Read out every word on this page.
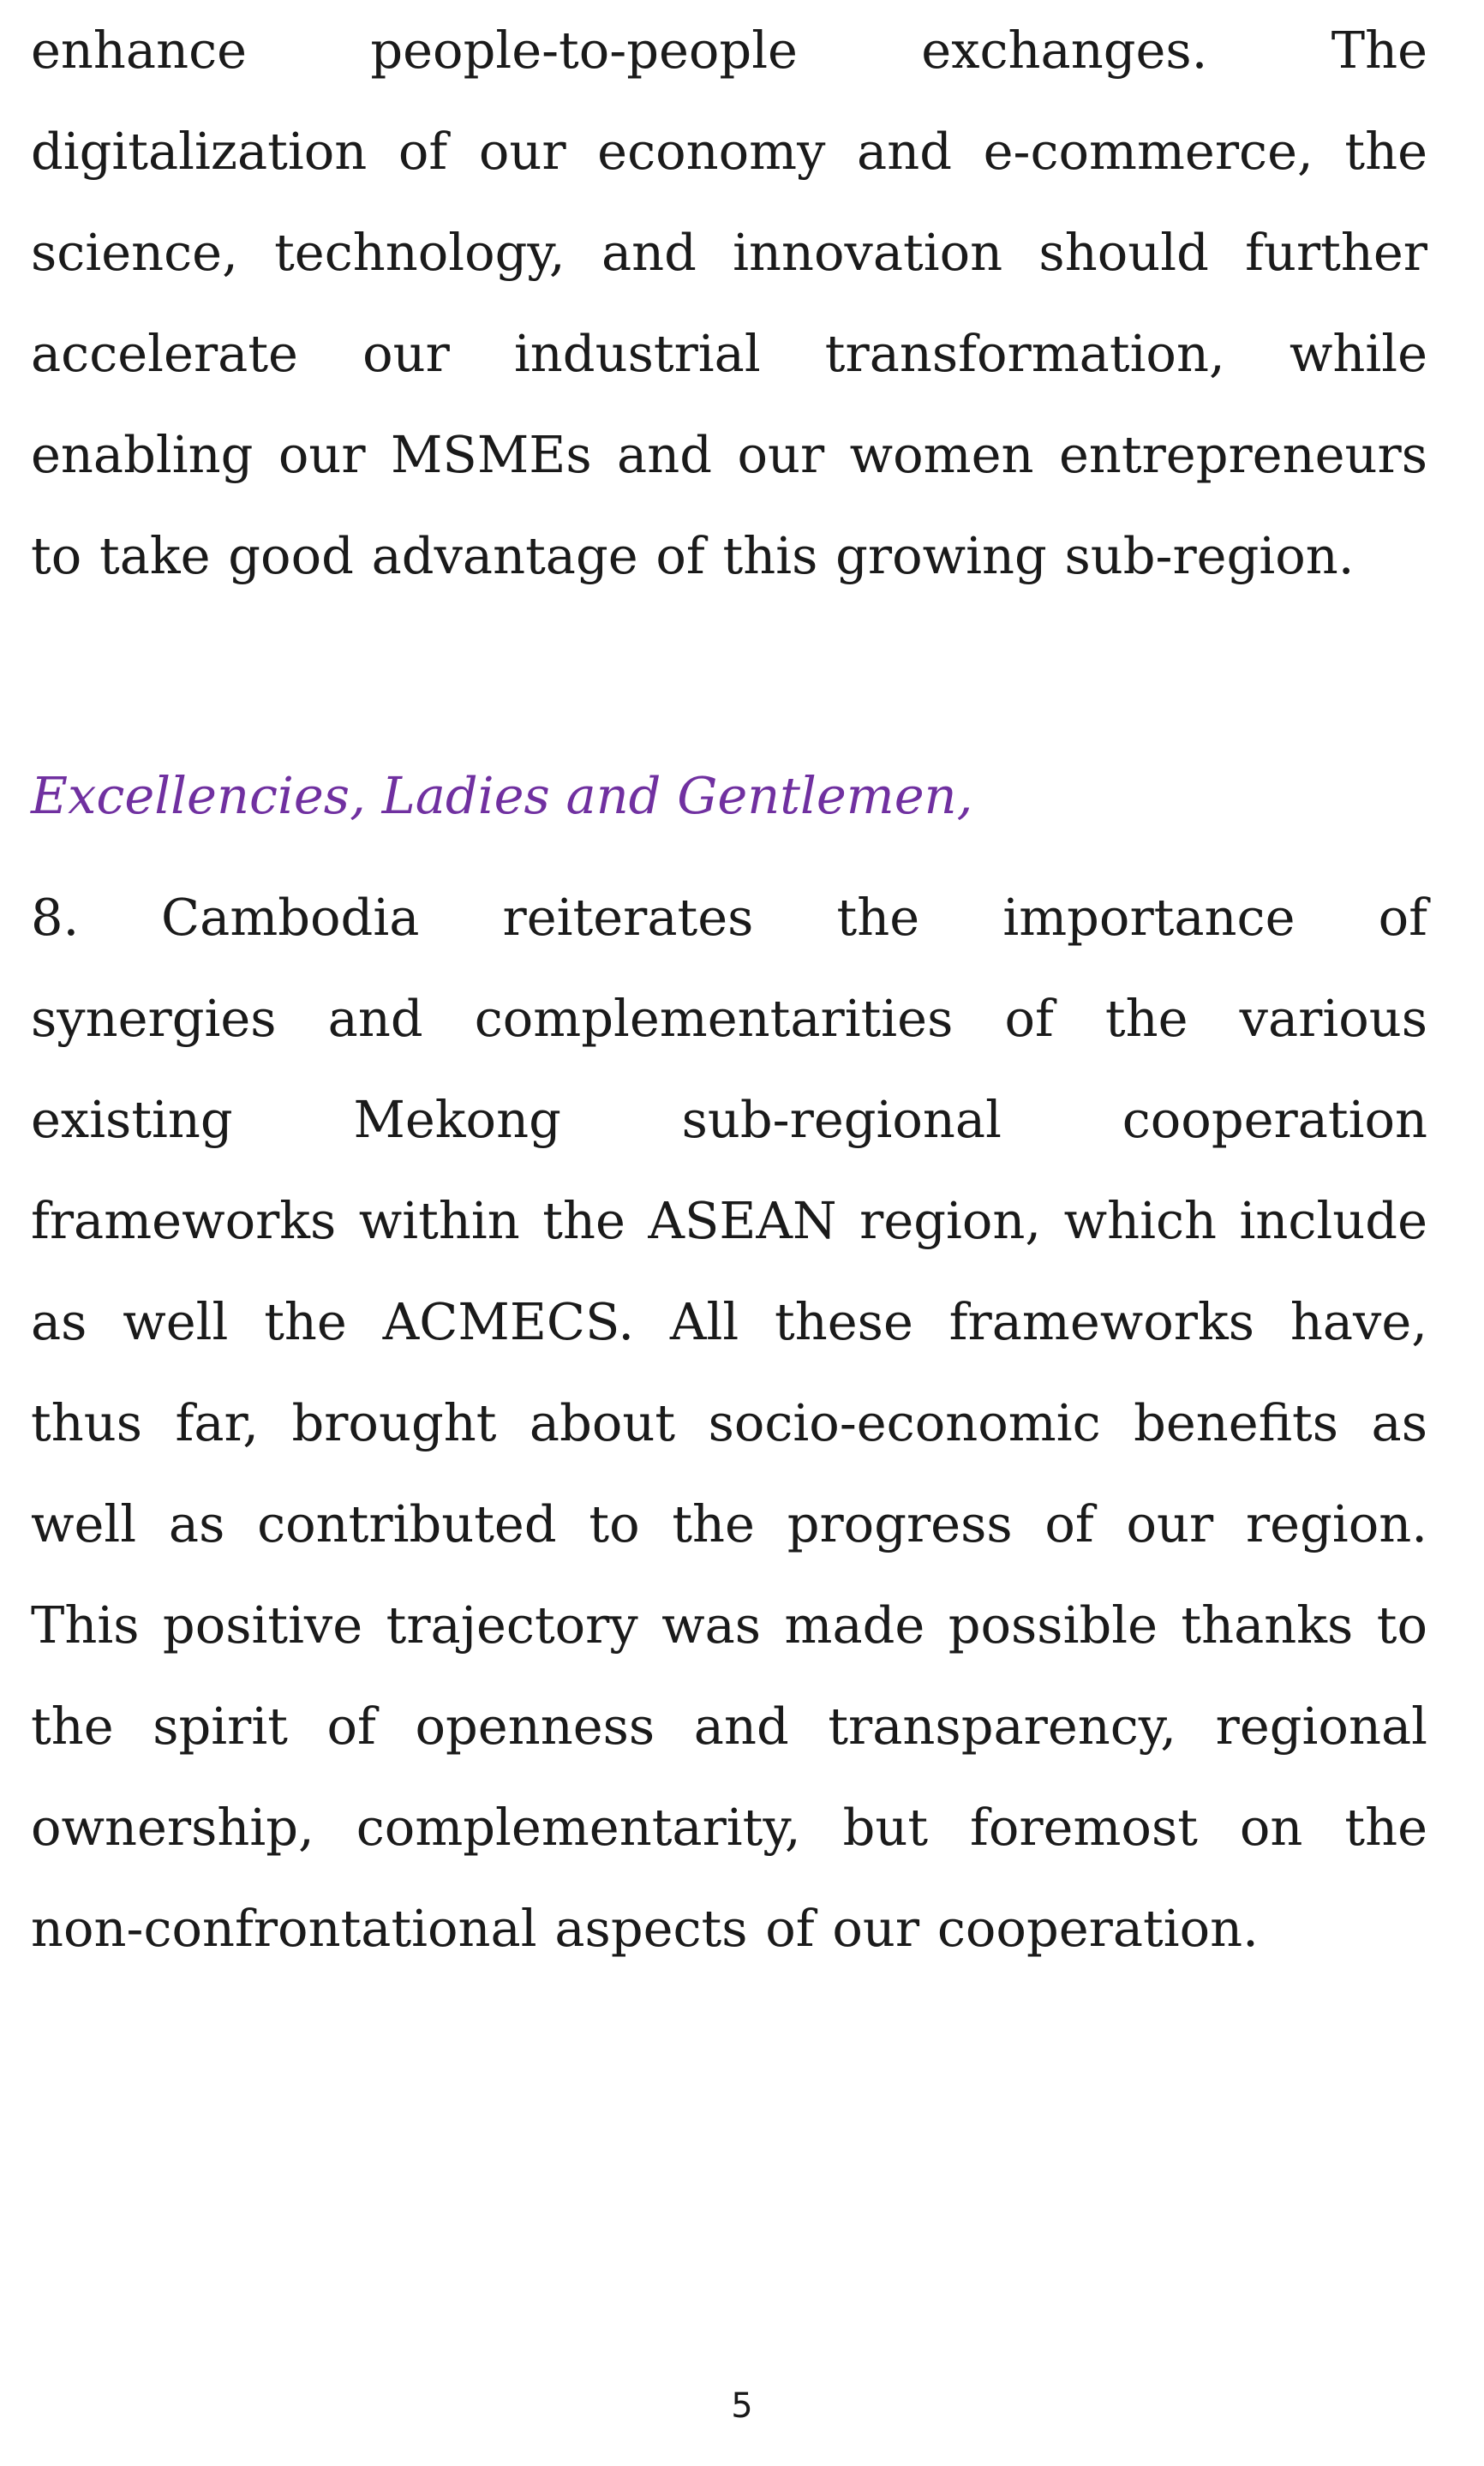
enhance people-to-people exchanges. The digitalization of our economy and e-commerce, the science, technology, and innovation should further accelerate our industrial transformation, while enabling our MSMEs and our women entrepreneurs to take good advantage of this growing sub-region.

Excellencies, Ladies and Gentlemen,

8. Cambodia reiterates the importance of synergies and complementarities of the various existing Mekong sub-regional cooperation frameworks within the ASEAN region, which include as well the ACMECS. All these frameworks have, thus far, brought about socio-economic benefits as well as contributed to the progress of our region. This positive trajectory was made possible thanks to the spirit of openness and transparency, regional ownership, complementarity, but foremost on the non-confrontational aspects of our cooperation.

5
